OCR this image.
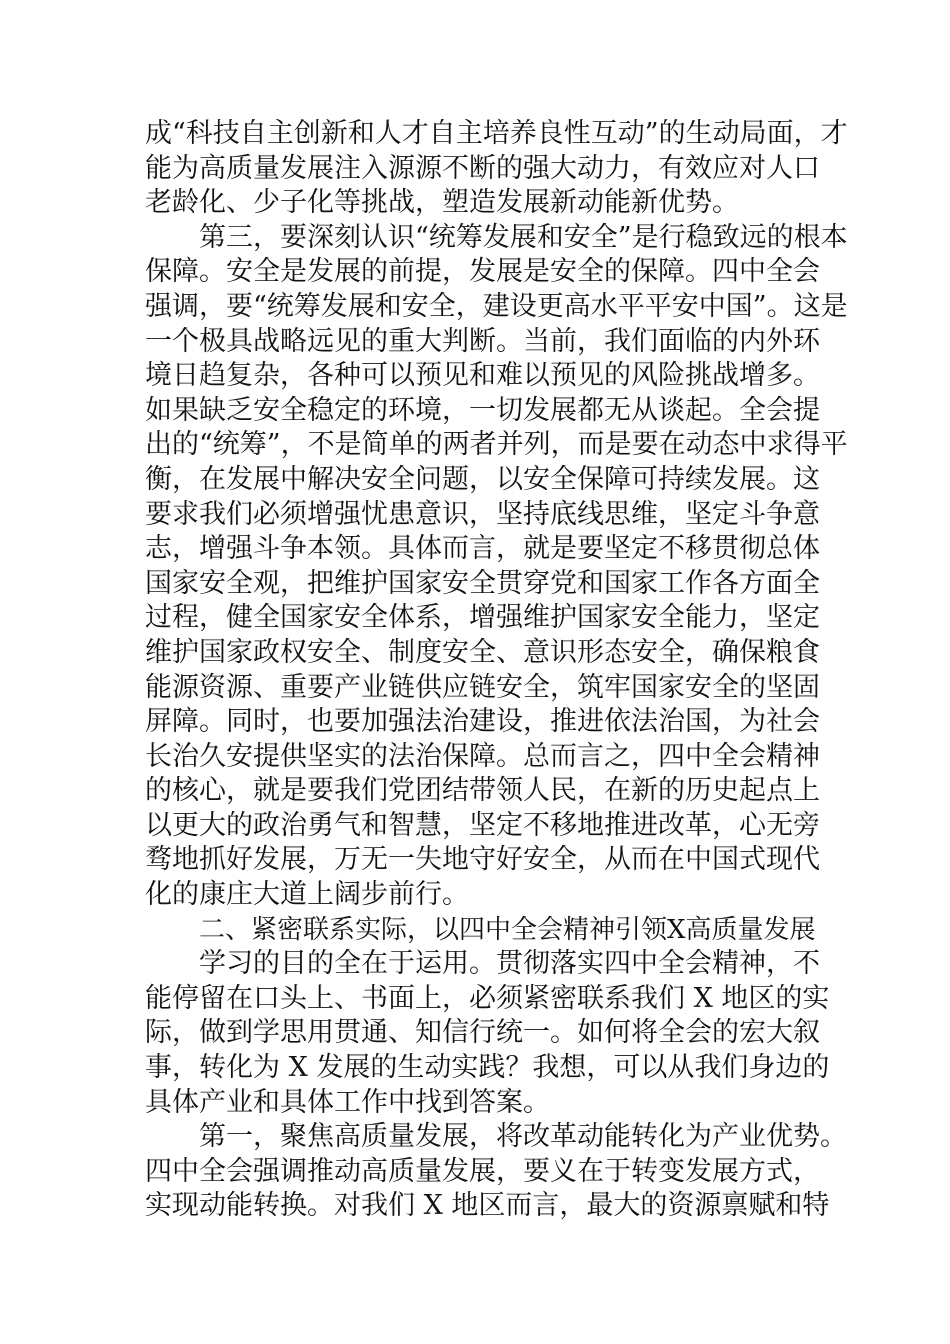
成“科技自主创新和人才自主培养良性互动”的生动局面，才
能为高质量发展注入源源不断的强大动力，有效应对人口
老龄化、少子化等挑战，塑造发展新动能新优势。
第三，要深刻认识“统筹发展和安全”是行稳致远的根本
保障。安全是发展的前提，发展是安全的保障。四中全会
强调，要“统筹发展和安全，建设更高水平平安中国”。这是
一个极具战略远见的重大判断。当前，我们面临的内外环
境日趋复杂，各种可以预见和难以预见的风险挑战增多。
如果缺乏安全稳定的环境，一切发展都无从谈起。全会提
出的“统筹”，不是简单的两者并列，而是要在动态中求得平
衡，在发展中解决安全问题，以安全保障可持续发展。这
要求我们必须增强忧患意识，坚持底线思维，坚定斗争意
志，增强斗争本领。具体而言，就是要坚定不移贯彻总体
国家安全观，把维护国家安全贯穿党和国家工作各方面全
过程，健全国家安全体系，增强维护国家安全能力，坚定
维护国家政权安全、制度安全、意识形态安全，确保粮食
能源资源、重要产业链供应链安全，筑牢国家安全的坚固
屏障。同时，也要加强法治建设，推进依法治国，为社会
长治久安提供坚实的法治保障。总而言之，四中全会精神
的核心，就是要我们党团结带领人民，在新的历史起点上
以更大的政治勇气和智慧，坚定不移地推进改革，心无旁
骛地抓好发展，万无一失地守好安全，从而在中国式现代
化的康庄大道上阔步前行。
二、紧密联系实际，以四中全会精神引领X高质量发展
学习的目的全在于运用。贯彻落实四中全会精神，不
能停留在口头上、书面上，必须紧密联系我们 X 地区的实
际，做到学思用贯通、知信行统一。如何将全会的宏大叙
事，转化为 X 发展的生动实践？我想，可以从我们身边的
具体产业和具体工作中找到答案。
第一，聚焦高质量发展，将改革动能转化为产业优势。
四中全会强调推动高质量发展，要义在于转变发展方式，
实现动能转换。对我们 X 地区而言，最大的资源禀赋和特
